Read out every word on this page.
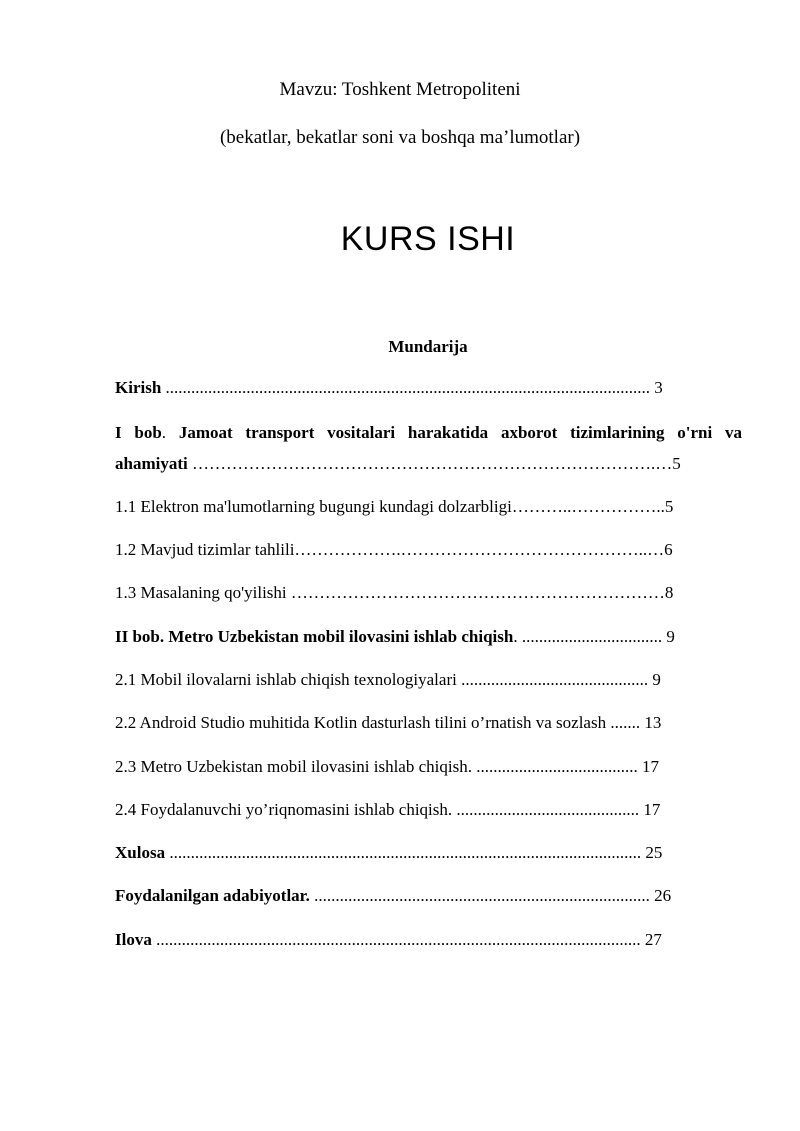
Mavzu: Toshkent Metropoliteni
(bekatlar, bekatlar soni va boshqa ma’lumotlar)
KURS ISHI
Mundarija
Kirish .................................................................................................................. 3
I bob. Jamoat transport vositalari harakatida axborot tizimlarining o'rni va
ahamiyati ……………………………………………………………………….…5
1.1 Elektron ma'lumotlarning bugungi kundagi dolzarbligi………..……………..5
1.2 Mavjud tizimlar tahlili……………….……………………………………..…6
1.3 Masalaning qo'yilishi …………………………………………………………8
II bob. Metro Uzbekistan mobil ilovasini ishlab chiqish. ................................. 9
2.1 Mobil ilovalarni ishlab chiqish texnologiyalari ............................................ 9
2.2 Android Studio muhitida Kotlin dasturlash tilini o’rnatish va sozlash ....... 13
2.3 Metro Uzbekistan mobil ilovasini ishlab chiqish. ...................................... 17
2.4 Foydalanuvchi yo’riqnomasini ishlab chiqish. ........................................... 17
Xulosa ............................................................................................................... 25
Foydalanilgan adabiyotlar. ............................................................................... 26
Ilova .................................................................................................................. 27
